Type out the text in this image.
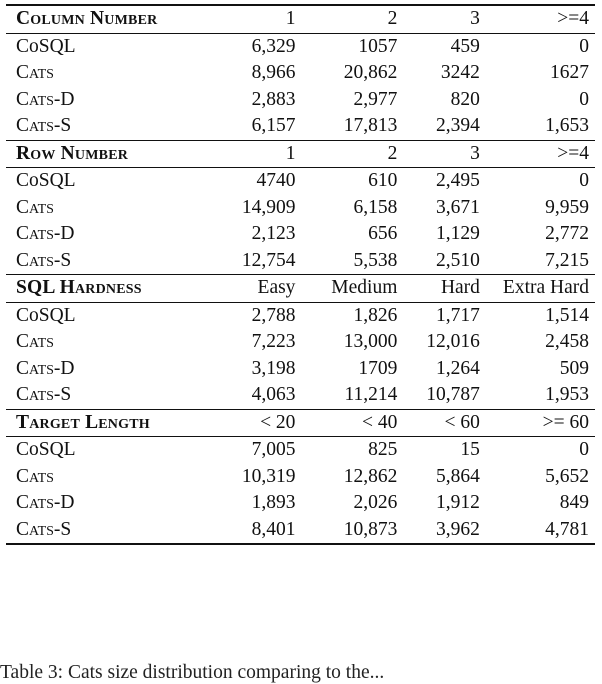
Column Number	1	2	3	>=4
CoSQL	6,329	1057	459	0
Cats	8,966	20,862	3242	1627
Cats-D	2,883	2,977	820	0
Cats-S	6,157	17,813	2,394	1,653
Row Number	1	2	3	>=4
CoSQL	4740	610	2,495	0
Cats	14,909	6,158	3,671	9,959
Cats-D	2,123	656	1,129	2,772
Cats-S	12,754	5,538	2,510	7,215
SQL Hardness	Easy	Medium	Hard	Extra Hard
CoSQL	2,788	1,826	1,717	1,514
Cats	7,223	13,000	12,016	2,458
Cats-D	3,198	1709	1,264	509
Cats-S	4,063	11,214	10,787	1,953
Target Length	< 20	< 40	< 60	>= 60
CoSQL	7,005	825	15	0
Cats	10,319	12,862	5,864	5,652
Cats-D	1,893	2,026	1,912	849
Cats-S	8,401	10,873	3,962	4,781
Table 3: Cats size distribution comparing to the...
